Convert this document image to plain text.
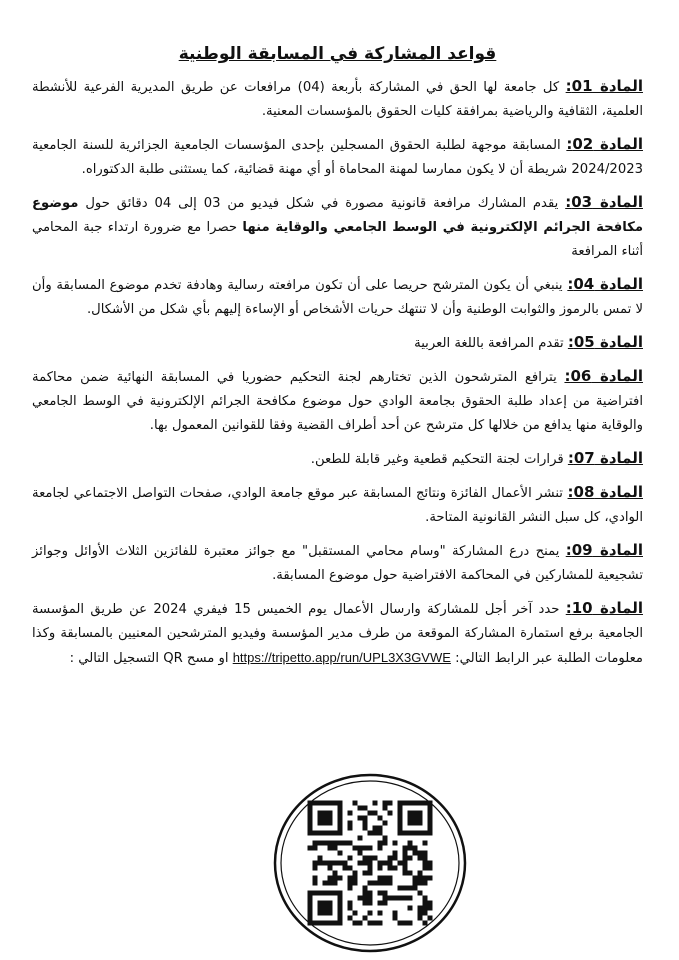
قواعد المشاركة في المسابقة الوطنية
المادة 01: كل جامعة لها الحق في المشاركة بأربعة (04) مرافعات عن طريق المديرية الفرعية للأنشطة العلمية، الثقافية والرياضية بمرافقة كليات الحقوق بالمؤسسات المعنية.
المادة 02: المسابقة موجهة لطلبة الحقوق المسجلين بإحدى المؤسسات الجامعية الجزائرية للسنة الجامعية 2024/2023 شريطة أن لا يكون ممارسا لمهنة المحاماة أو أي مهنة قضائية، كما يستثنى طلبة الدكتوراه.
المادة 03: يقدم المشارك مرافعة قانونية مصورة في شكل فيديو من 03 إلى 04 دقائق حول موضوع مكافحة الجرائم الإلكترونية في الوسط الجامعي والوقاية منها حصرا مع ضرورة ارتداء جبة المحامي أثناء المرافعة
المادة 04: ينبغي أن يكون المترشح حريصا على أن تكون مرافعته رسالية وهادفة تخدم موضوع المسابقة وأن لا تمس بالرموز والثوابت الوطنية وأن لا تنتهك حريات الأشخاص أو الإساءة إليهم بأي شكل من الأشكال.
المادة 05: تقدم المرافعة باللغة العربية
المادة 06: يترافع المترشحون الذين تختارهم لجنة التحكيم حضوريا في المسابقة النهائية ضمن محاكمة افتراضية من إعداد طلبة الحقوق بجامعة الوادي حول موضوع مكافحة الجرائم الإلكترونية في الوسط الجامعي والوقاية منها يدافع من خلالها كل مترشح عن أحد أطراف القضية وفقا للقوانين المعمول بها.
المادة 07: قرارات لجنة التحكيم قطعية وغير قابلة للطعن.
المادة 08: تنشر الأعمال الفائزة ونتائج المسابقة عبر موقع جامعة الوادي، صفحات التواصل الاجتماعي لجامعة الوادي، كل سبل النشر القانونية المتاحة.
المادة 09: يمنح درع المشاركة "وسام محامي المستقبل" مع جوائز معتبرة للفائزين الثلاث الأوائل وجوائز تشجيعية للمشاركين في المحاكمة الافتراضية حول موضوع المسابقة.
المادة 10: حدد آخر أجل للمشاركة وارسال الأعمال يوم الخميس 15 فيفري 2024 عن طريق المؤسسة الجامعية برفع استمارة المشاركة الموقعة من طرف مدير المؤسسة وفيديو المترشحين المعنيين بالمسابقة وكذا معلومات الطلبة عبر الرابط التالي: https://tripetto.app/run/UPL3X3GVWE او مسح QR التسجيل التالي :
